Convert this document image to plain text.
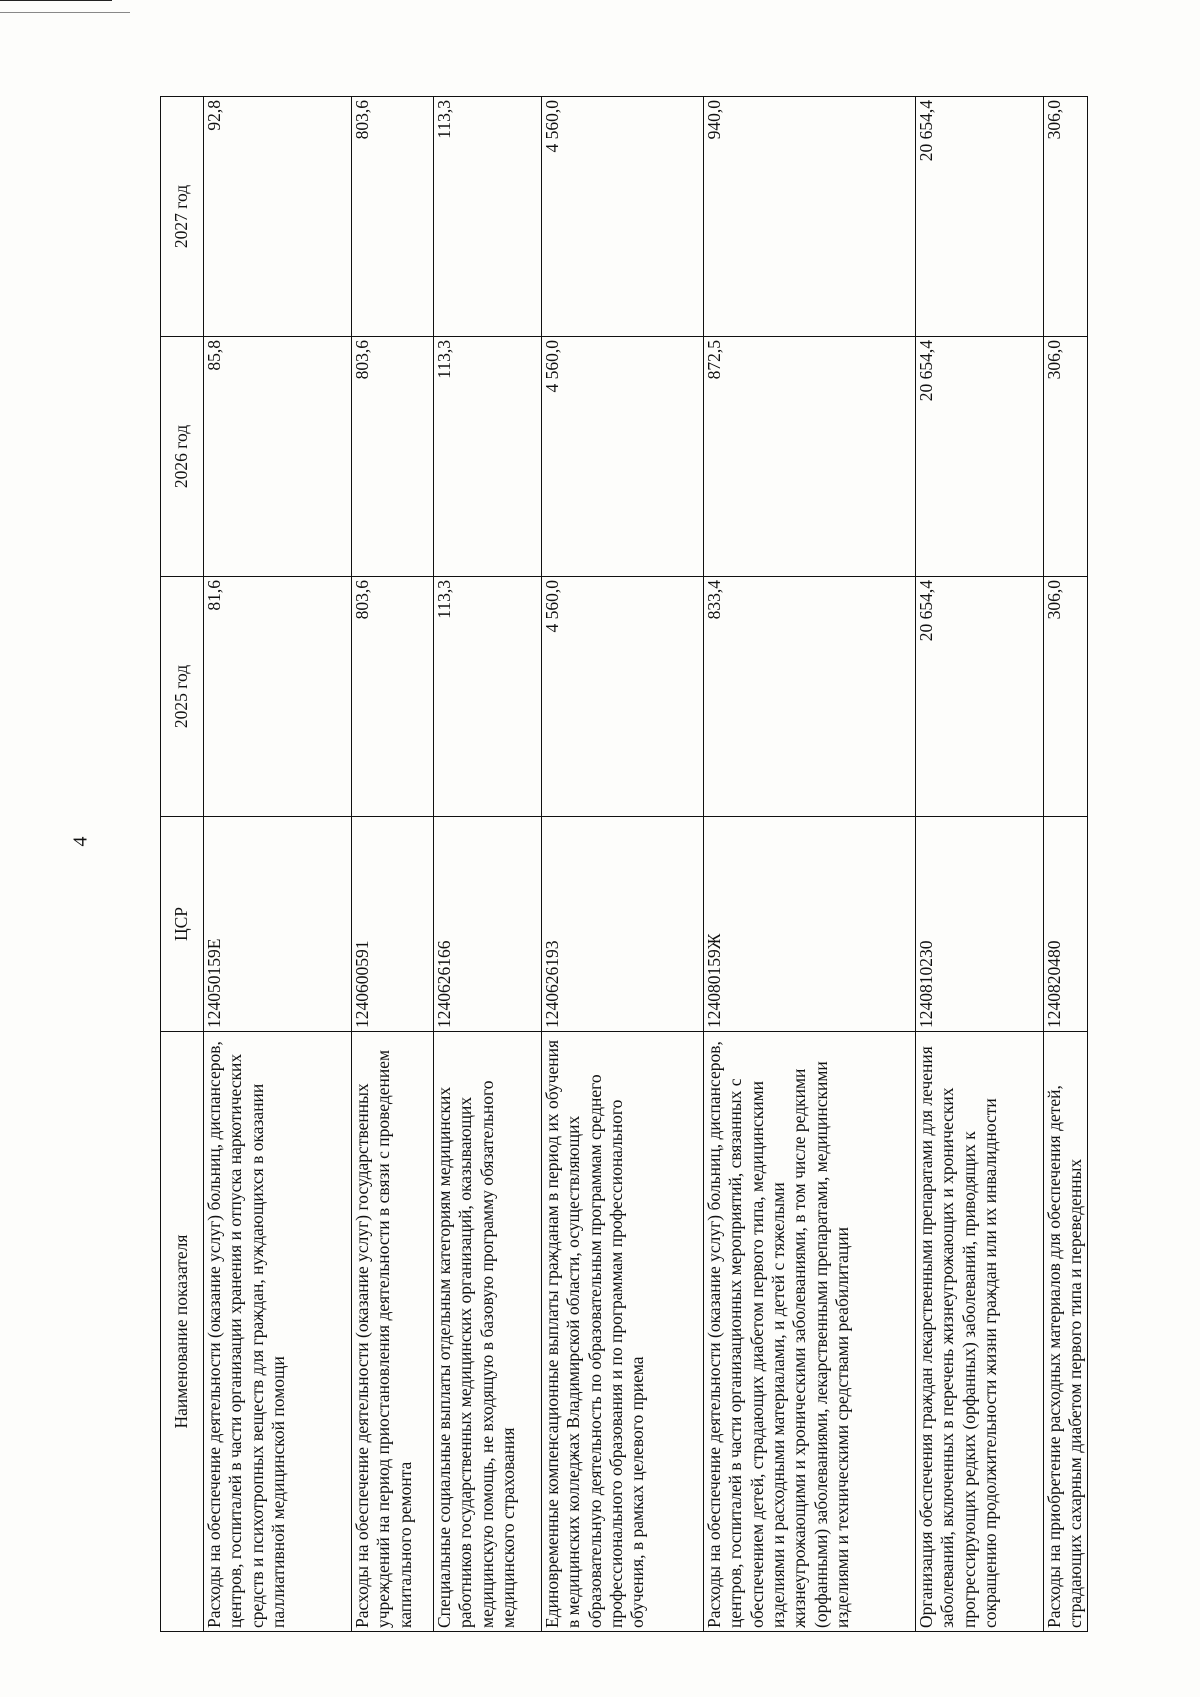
4
Наименование показателя	ЦСР	2025 год	2026 год	2027 год
Расходы на обеспечение деятельности (оказание услуг) больниц, диспансеров, центров, госпиталей в части организации хранения и отпуска наркотических средств и психотропных веществ для граждан, нуждающихся в оказании паллиативной медицинской помощи	124050159Е	81,6	85,8	92,8
Расходы на обеспечение деятельности (оказание услуг) государственных учреждений на период приостановления деятельности в связи с проведением капитального ремонта	1240600591	803,6	803,6	803,6
Специальные социальные выплаты отдельным категориям медицинских работников государственных медицинских организаций, оказывающих медицинскую помощь, не входящую в базовую программу обязательного медицинского страхования	1240626166	113,3	113,3	113,3
Единовременные компенсационные выплаты гражданам в период их обучения в медицинских колледжах Владимирской области, осуществляющих образовательную деятельность по образовательным программам среднего профессионального образования и по программам профессионального обучения, в рамках целевого приема	1240626193	4 560,0	4 560,0	4 560,0
Расходы на обеспечение деятельности (оказание услуг) больниц, диспансеров, центров, госпиталей в части организационных мероприятий, связанных с обеспечением детей, страдающих диабетом первого типа, медицинскими изделиями и расходными материалами, и детей с тяжелыми жизнеугрожающими и хроническими заболеваниями, в том числе редкими (орфанными) заболеваниями, лекарственными препаратами, медицинскими изделиями и техническими средствами реабилитации	124080159Ж	833,4	872,5	940,0
Организация обеспечения граждан лекарственными препаратами для лечения заболеваний, включенных в перечень жизнеугрожающих и хронических прогрессирующих редких (орфанных) заболеваний, приводящих к сокращению продолжительности жизни граждан или их инвалидности	1240810230	20 654,4	20 654,4	20 654,4
Расходы на приобретение расходных материалов для обеспечения детей, страдающих сахарным диабетом первого типа и переведенных	1240820480	306,0	306,0	306,0
